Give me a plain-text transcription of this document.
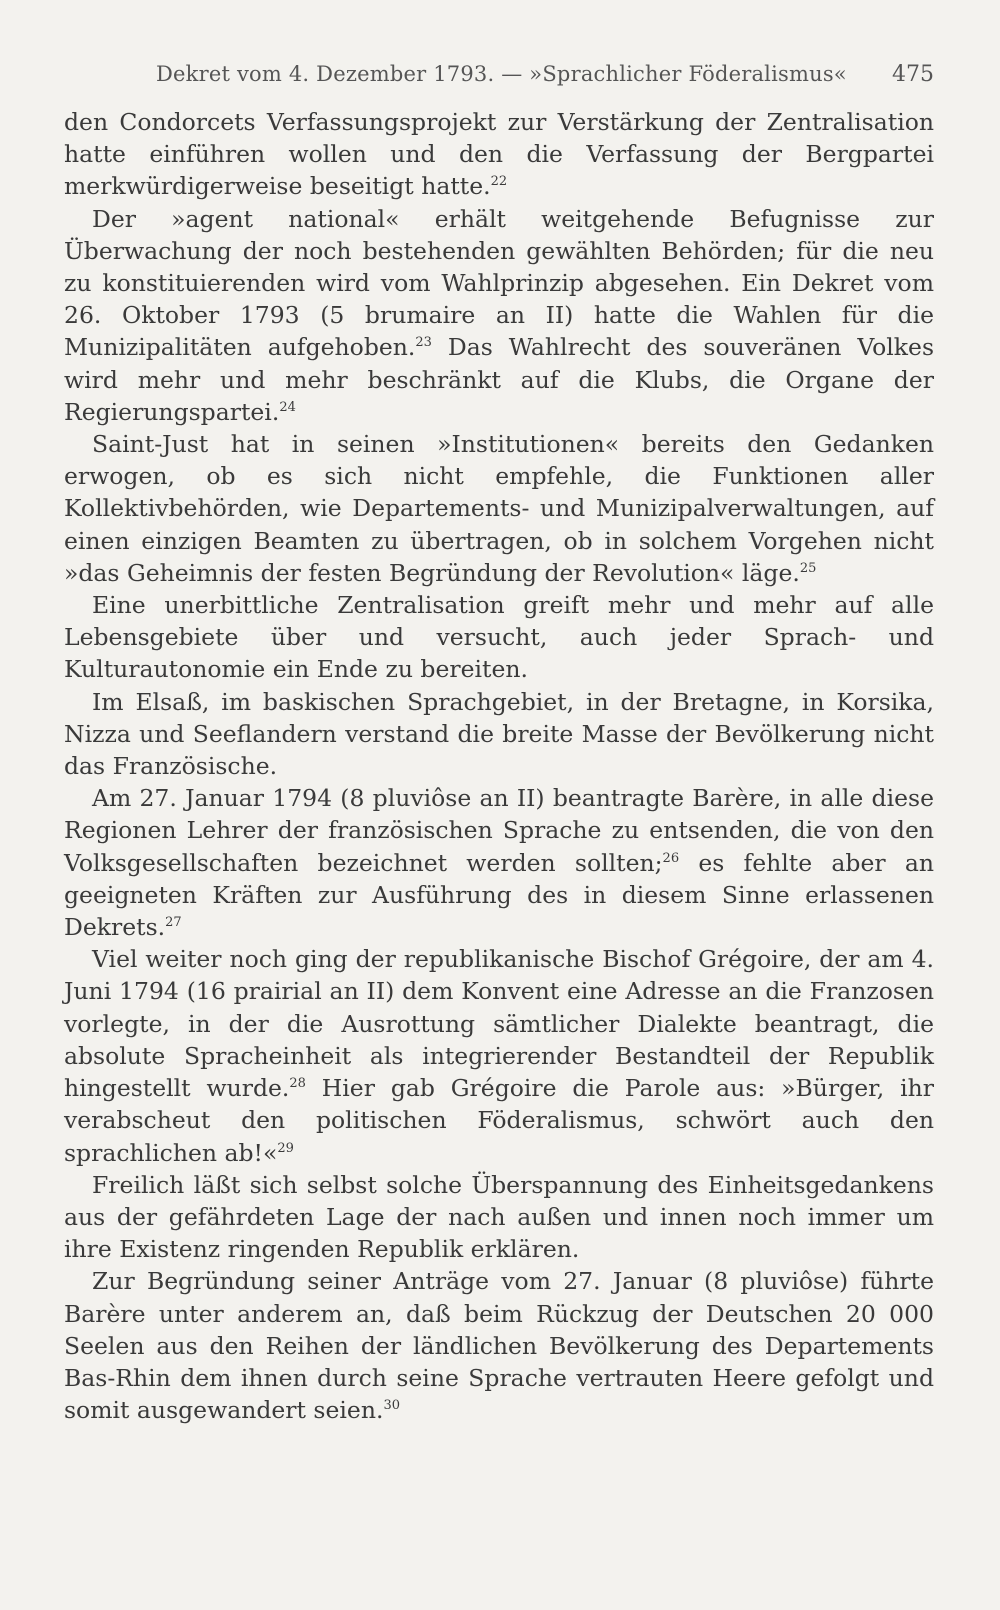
Dekret vom 4. Dezember 1793. — »Sprachlicher Föderalismus« 475

den Condorcets Verfassungsprojekt zur Verstärkung der Zentralisation hatte einführen wollen und den die Verfassung der Bergpartei merkwürdigerweise beseitigt hatte.$^{22}$

Der »agent national« erhält weitgehende Befugnisse zur Überwachung der noch bestehenden gewählten Behörden; für die neu zu konstituierenden wird vom Wahlprinzip abgesehen. Ein Dekret vom 26. Oktober 1793 (5 brumaire an II) hatte die Wahlen für die Munizipalitäten aufgehoben.$^{23}$ Das Wahlrecht des souveränen Volkes wird mehr und mehr beschränkt auf die Klubs, die Organe der Regierungspartei.$^{24}$

Saint-Just hat in seinen »Institutionen« bereits den Gedanken erwogen, ob es sich nicht empfehle, die Funktionen aller Kollektivbehörden, wie Departements- und Munizipalverwaltungen, auf einen einzigen Beamten zu übertragen, ob in solchem Vorgehen nicht »das Geheimnis der festen Begründung der Revolution« läge.$^{25}$

Eine unerbittliche Zentralisation greift mehr und mehr auf alle Lebensgebiete über und versucht, auch jeder Sprach- und Kulturautonomie ein Ende zu bereiten.

Im Elsaß, im baskischen Sprachgebiet, in der Bretagne, in Korsika, Nizza und Seeflandern verstand die breite Masse der Bevölkerung nicht das Französische.

Am 27. Januar 1794 (8 pluviôse an II) beantragte Barère, in alle diese Regionen Lehrer der französischen Sprache zu entsenden, die von den Volksgesellschaften bezeichnet werden sollten;$^{26}$ es fehlte aber an geeigneten Kräften zur Ausführung des in diesem Sinne erlassenen Dekrets.$^{27}$

Viel weiter noch ging der republikanische Bischof Grégoire, der am 4. Juni 1794 (16 prairial an II) dem Konvent eine Adresse an die Franzosen vorlegte, in der die Ausrottung sämtlicher Dialekte beantragt, die absolute Spracheinheit als integrierender Bestandteil der Republik hingestellt wurde.$^{28}$ Hier gab Grégoire die Parole aus: »Bürger, ihr verabscheut den politischen Föderalismus, schwört auch den sprachlichen ab!«$^{29}$

Freilich läßt sich selbst solche Überspannung des Einheitsgedankens aus der gefährdeten Lage der nach außen und innen noch immer um ihre Existenz ringenden Republik erklären.

Zur Begründung seiner Anträge vom 27. Januar (8 pluviôse) führte Barère unter anderem an, daß beim Rückzug der Deutschen 20 000 Seelen aus den Reihen der ländlichen Bevölkerung des Departements Bas-Rhin dem ihnen durch seine Sprache vertrauten Heere gefolgt und somit ausgewandert seien.$^{30}$
